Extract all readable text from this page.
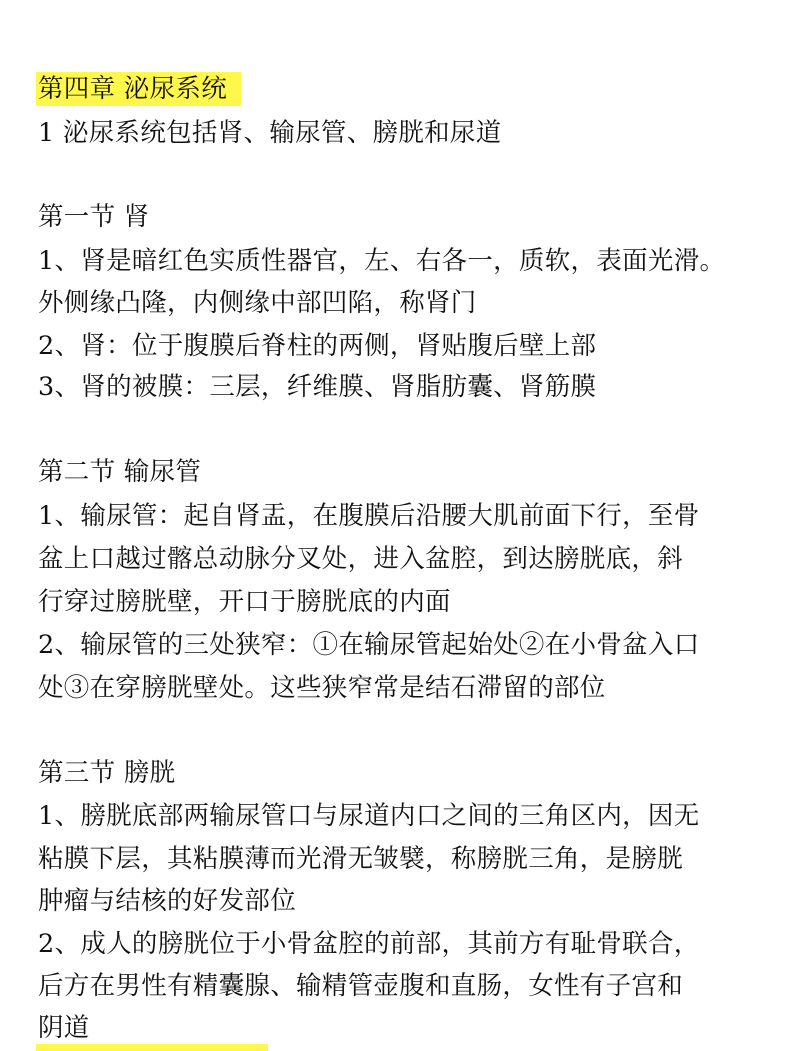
第四章 泌尿系统
1 泌尿系统包括肾、输尿管、膀胱和尿道
第一节 肾
1、肾是暗红色实质性器官，左、右各一，质软，表面光滑。
外侧缘凸隆，内侧缘中部凹陷，称肾门
2、肾：位于腹膜后脊柱的两侧，肾贴腹后壁上部
3、肾的被膜：三层，纤维膜、肾脂肪囊、肾筋膜
第二节 输尿管
1、输尿管：起自肾盂，在腹膜后沿腰大肌前面下行，至骨
盆上口越过髂总动脉分叉处，进入盆腔，到达膀胱底，斜
行穿过膀胱壁，开口于膀胱底的内面
2、输尿管的三处狭窄：①在输尿管起始处②在小骨盆入口
处③在穿膀胱壁处。这些狭窄常是结石滞留的部位
第三节 膀胱
1、膀胱底部两输尿管口与尿道内口之间的三角区内，因无
粘膜下层，其粘膜薄而光滑无皱襞，称膀胱三角，是膀胱
肿瘤与结核的好发部位
2、成人的膀胱位于小骨盆腔的前部，其前方有耻骨联合，
后方在男性有精囊腺、输精管壶腹和直肠，女性有子宫和
阴道
